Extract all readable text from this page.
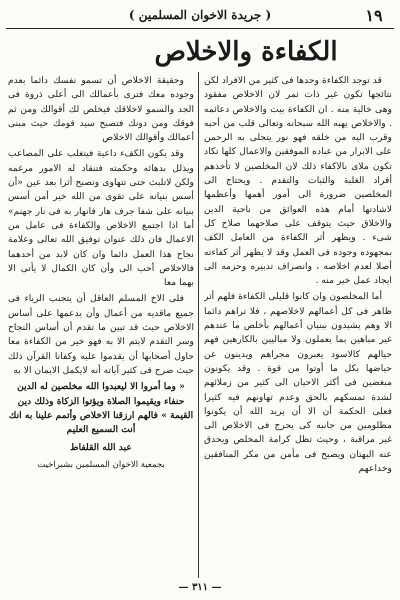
١٩
( جريدة الاخوان المسلمين )
الكفاءة والاخلاص

قد توجد الكفاءة وحدها فى كثير من الافراد لكن نتائجها تكون غير ذات ثمر لان الاخلاص مفقود وهى خالية منه . ان الكفاءة بيت والاخلاص دعائمه . والاخلاص يهبه الله سبحانه وتعالى قلب من أحبه وقرب اليه من خلقه فهو نور يتجلى به الرحمن على الابرار من عباده الموفقين والاعمال كلها تكاد تكون ملاى بالاكفاء ذلك لان المخلصين لا تأخذهم أفراد الغلبة والثبات والتقدم . ويحتاج الى المخلصين ضرورة الى أمور أهمها وأعظمها لاشادتها أمام هذه العوائق من ناحية الدين والاخلاق حيث يتوقف على صلاحهما صلاح كل شىء . ويظهر أثر الكفاءة من العامل الكف بمجهوده وجوده فى العمل وقد لا يظهر أثر كفاءته أصلا لعدم اخلاصه ، وانصراف تدبيره وحزمه الى ايجاد عمل خير منه .

أما المخلصون وان كانوا قليلى الكفاءة فلهم أثر ظاهر فى كل أعمالهم لاخلاصهم ، فلا تراهم دائما الا وهم يشيدون ببنيان أعمالهم بأخلص ما عندهم غير مباهين بما يعملون ولا مباليين بالكارهين فهم حيالهم كالاسود يعبرون مجراهم ويدينون عن حياضها بكل ما أوتوا من قوة . وقد يكونون مبغضين فى أكثر الاحيان الى كثير من زملائهم لشدة تمسكهم بالحق وعدم تهاونهم فيه كثيرا فعلى الحكمة أن الا أن يريد الله أن يكونوا مظلومين من جانبه كى يحرج فى الاخلاص الى غير مراقبة ، وحيث تظل كرامة المخلص ويحدق عنه البهتان ويصبح فى مأمن من مكر المنافقين وخداعهم

وحقيقة الاخلاص أن تسمو نفسك دائما بعدم وجوده معك فترى بأعمالك الى أعلى ذروة فى الجد والسمو لاخلاقك فيخلص لك أقوالك ومن ثم فوقك ومن دونك فتصبح سيد قومك حيث مبنى أعمالك وأقوالك الاخلاص

وقد يكون الكفء داعية فيتغلب على المصاعب ويذلل بدهائه وحكمته فتنقاد له الامور مرغمه ولكن لاتلبث حتى تتهاوى وتصبح أثرا بعد عين «أن أسس بنيانه على تقوى من الله خير أمن أسس بنيانه على شفا جرف هار فانهار به فى نار جهنم» أما اذا اجتمع الاخلاص والكفاءة فى عامل من الاعمال فان ذلك عنوان توفيق الله تعالى وعلامة نجاح هذا العمل دائما وان كان لابد من أحدهما فالاخلاص أحب الى وأن كان الكمال لا يأتى الا بهما معا

فلى الاخ المسلم العاقل أن يتجنب الرياء فى جميع ماقديه من أعمال وأن يدعمها على أساس الاخلاص حيث قد تبين ما تقدم أن أساس النجاح وسر التقدم لايتم الا به فهو خير من الكفاءة معا حاول أصحابها أن يقدموا عليه وكفانا القرآن ذلك حيث صرح فى كثير آياته أنه لايكمل الايمان الا به

« وما أمروا الا ليعبدوا الله مخلصين له الدين حنفاء ويقيموا الصلاة ويؤتوا الزكاة وذلك دين القيمة » فالهم ارزقنا الاخلاص وأتمم علينا به انك أنت السميع العليم

عبد الله القلفاط

بجمعية الاخوان المسلمين بشبراخيت

— ٣١١ —
